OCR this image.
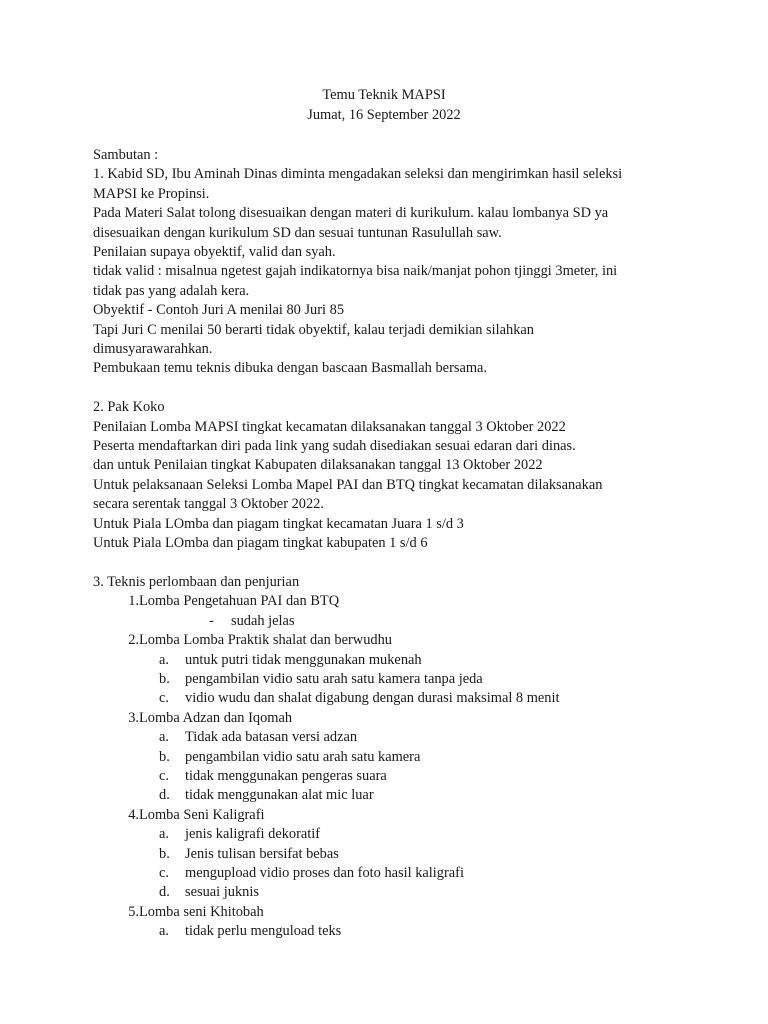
Temu Teknik MAPSI
Jumat, 16 September 2022
Sambutan :
1. Kabid SD, Ibu Aminah Dinas diminta mengadakan seleksi dan mengirimkan hasil seleksi
MAPSI ke Propinsi.
Pada Materi Salat tolong disesuaikan dengan materi di kurikulum. kalau lombanya SD ya
disesuaikan dengan kurikulum SD dan sesuai tuntunan Rasulullah saw.
Penilaian supaya obyektif, valid dan syah.
tidak valid : misalnua ngetest gajah indikatornya bisa naik/manjat pohon tjinggi 3meter, ini
tidak pas yang adalah kera.
Obyektif - Contoh Juri A menilai 80 Juri 85
Tapi Juri C menilai 50 berarti tidak obyektif, kalau terjadi demikian silahkan
dimusyarawarahkan.
Pembukaan temu teknis dibuka dengan bascaan Basmallah bersama.
2. Pak Koko
Penilaian Lomba MAPSI tingkat kecamatan dilaksanakan tanggal 3 Oktober 2022
Peserta mendaftarkan diri pada link yang sudah disediakan sesuai edaran dari dinas.
dan untuk Penilaian tingkat Kabupaten dilaksanakan tanggal 13 Oktober 2022
Untuk pelaksanaan Seleksi Lomba Mapel PAI dan BTQ tingkat kecamatan dilaksanakan
secara serentak tanggal 3 Oktober 2022.
Untuk Piala LOmba dan piagam tingkat kecamatan Juara 1 s/d 3
Untuk Piala LOmba dan piagam tingkat kabupaten 1 s/d 6
3. Teknis perlombaan dan penjurian
1. Lomba Pengetahuan PAI dan BTQ
- sudah jelas
2. Lomba Lomba Praktik shalat dan berwudhu
a. untuk putri tidak menggunakan mukenah
b. pengambilan vidio satu arah satu kamera tanpa jeda
c. vidio wudu dan shalat digabung dengan durasi maksimal 8 menit
3. Lomba Adzan dan Iqomah
a. Tidak ada batasan versi adzan
b. pengambilan vidio satu arah satu kamera
c. tidak menggunakan pengeras suara
d. tidak menggunakan alat mic luar
4. Lomba Seni Kaligrafi
a. jenis kaligrafi dekoratif
b. Jenis tulisan bersifat bebas
c. mengupload vidio proses dan foto hasil kaligrafi
d. sesuai juknis
5. Lomba seni Khitobah
a. tidak perlu menguload teks
